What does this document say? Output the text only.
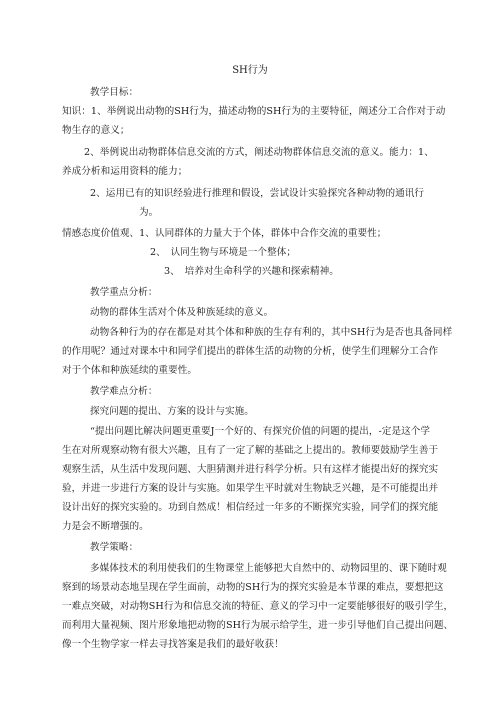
SH行为
教学目标：
知识：1、举例说出动物的SH行为，描述动物的SH行为的主要特征，阐述分工合作对于动
物生存的意义；
2、举例说出动物群体信息交流的方式，阐述动物群体信息交流的意义。能力：1、
养成分析和运用资料的能力；
2、运用已有的知识经验进行推理和假设，尝试设计实验探究各种动物的通讯行
为。
情感态度价值观、1、认同群体的力量大于个体，群体中合作交流的重要性；
2、　认同生物与环境是一个整体；
3、　培养对生命科学的兴趣和探索精神。
教学重点分析：
动物的群体生活对个体及种族延续的意义。
动物各种行为的存在都是对其个体和种族的生存有利的，其中SH行为是否也具备同样
的作用呢？通过对课本中和同学们提出的群体生活的动物的分析，使学生们理解分工合作
对于个体和种族延续的重要性。
教学难点分析：
探究问题的提出、方案的设计与实施。
“提出问题比解决问题更重要J一个好的、有探究价值的问题的提出，-定是这个学
生在对所观察动物有很大兴趣，且有了一定了解的基础之上提出的。教师要鼓励学生善于
观察生活，从生活中发现问题、大胆猜测并进行科学分析。只有这样才能提出好的探究实
验，并进一步进行方案的设计与实施。如果学生平时就对生物缺乏兴趣，是不可能提出并
设计出好的探究实验的。功到自然成！相信经过一年多的不断探究实验，同学们的探究能
力是会不断增强的。
教学策略：
多媒体技术的利用使我们的生物课堂上能够把大自然中的、动物园里的、课下随时观
察到的场景动态地呈现在学生面前，动物的SH行为的探究实验是本节课的难点，要想把这
一难点突破，对动物SH行为和信息交流的特征、意义的学习中一定要能够很好的吸引学生，
而利用大量视频、图片形象地把动物的SH行为展示给学生，进一步引导他们自己提出问题、
像一个生物学家一样去寻找答案是我们的最好收获！
